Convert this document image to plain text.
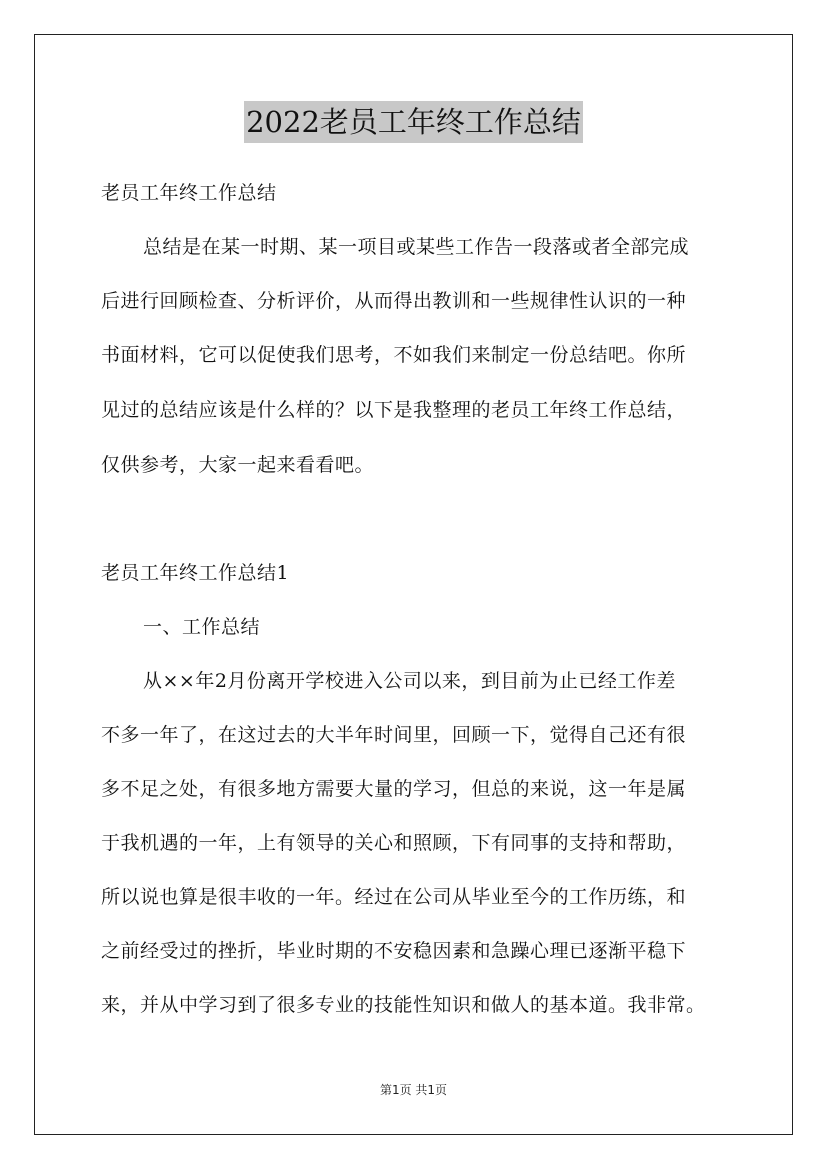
2022老员工年终工作总结

老员工年终工作总结

总结是在某一时期、某一项目或某些工作告一段落或者全部完成

后进行回顾检查、分析评价，从而得出教训和一些规律性认识的一种

书面材料，它可以促使我们思考，不如我们来制定一份总结吧。你所

见过的总结应该是什么样的？以下是我整理的老员工年终工作总结，

仅供参考，大家一起来看看吧。

老员工年终工作总结1

一、工作总结

从××年2月份离开学校进入公司以来，到目前为止已经工作差

不多一年了，在这过去的大半年时间里，回顾一下，觉得自己还有很

多不足之处，有很多地方需要大量的学习，但总的来说，这一年是属

于我机遇的一年，上有领导的关心和照顾，下有同事的支持和帮助，

所以说也算是很丰收的一年。经过在公司从毕业至今的工作历练，和

之前经受过的挫折，毕业时期的不安稳因素和急躁心理已逐渐平稳下

来，并从中学习到了很多专业的技能性知识和做人的基本道。我非常。

第1页 共1页
